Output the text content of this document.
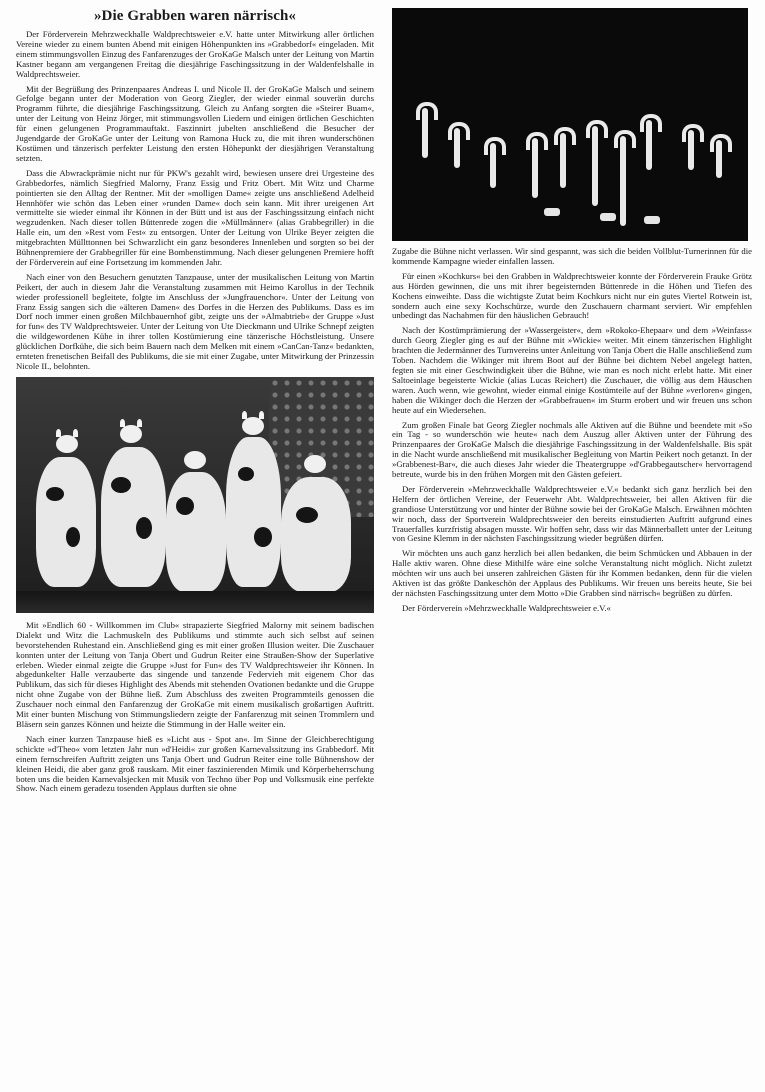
»Die Grabben waren närrisch«

Der Förderverein Mehrzweckhalle Waldprechtsweier e.V. hatte unter Mitwirkung aller örtlichen Vereine wieder zu einem bunten Abend mit einigen Höhenpunkten ins »Grabbedorf« eingeladen. Mit einem stimmungsvollen Einzug des Fanfarenzuges der GroKaGe Malsch unter der Leitung von Martin Kastner begann am vergangenen Freitag die diesjährige Faschingssitzung in der Waldenfelshalle in Waldprechtsweier.

Mit der Begrüßung des Prinzenpaares Andreas I. und Nicole II. der GroKaGe Malsch und seinem Gefolge begann unter der Moderation von Georg Ziegler, der wieder einmal souverän durchs Programm führte, die diesjährige Faschingssitzung. Gleich zu Anfang sorgten die »Steirer Buam«, unter der Leitung von Heinz Jörger, mit stimmungsvollen Liedern und einigen örtlichen Geschichten für einen gelungenen Programmauftakt. Faszinnirt jubelten anschließend die Besucher der Jugendgarde der GroKaGe unter der Leitung von Ramona Huck zu, die mit ihren wunderschönen Kostümen und tänzerisch perfekter Leistung den ersten Höhepunkt der diesjährigen Veranstaltung setzten.

Dass die Abwrackprämie nicht nur für PKW's gezahlt wird, bewiesen unsere drei Urgesteine des Grabbedorfes, nämlich Siegfried Malorny, Franz Essig und Fritz Obert. Mit Witz und Charme pointierten sie den Alltag der Rentner. Mit der »molligen Dame« zeigte uns anschließend Adelheid Hennhöfer wie schön das Leben einer »runden Dame« doch sein kann. Mit ihrer ureigenen Art vermittelte sie wieder einmal ihr Können in der Bütt und ist aus der Faschingssitzung einfach nicht wegzudenken. Nach dieser tollen Büttenrede zogen die »Müllmänner« (alias Grabbegriller) in die Halle ein, um den »Rest vom Fest« zu entsorgen. Unter der Leitung von Ulrike Beyer zeigten die mitgebrachten Müllttonnen bei Schwarzlicht ein ganz besonderes Innenleben und sorgten so bei der Bühnenpremiere der Grabbegriller für eine Bombenstimmung. Nach dieser gelungenen Premiere hofft der Förderverein auf eine Fortsetzung im kommenden Jahr.

Nach einer von den Besuchern genutzten Tanzpause, unter der musikalischen Leitung von Martin Peikert, der auch in diesem Jahr die Veranstaltung zusammen mit Heimo Karollus in der Technik wieder professionell begleitete, folgte im Anschluss der »Jungfrauenchor«. Unter der Leitung von Franz Essig sangen sich die »älteren Damen« des Dorfes in die Herzen des Publikums. Dass es im Dorf noch immer einen großen Milchbauernhof gibt, zeigte uns der »Almabtrieb« der Gruppe »Just for fun« des TV Waldprechtsweier. Unter der Leitung von Ute Dieckmann und Ulrike Schnepf zeigten die wildgewordenen Kühe in ihrer tollen Kostümierung eine tänzerische Höchstleistung. Unsere glücklichen Dorfkühe, die sich beim Bauern nach dem Melken mit einem »CanCan-Tanz« bedankten, ernteten frenetischen Beifall des Publikums, die sie mit einer Zugabe, unter Mitwirkung der Prinzessin Nicole II., belohnten.

Mit »Endlich 60 - Willkommen im Club« strapazierte Siegfried Malorny mit seinem badischen Dialekt und Witz die Lachmuskeln des Publikums und stimmte auch sich selbst auf seinen bevorstehenden Ruhestand ein. Anschließend ging es mit einer großen Illusion weiter. Die Zuschauer konnten unter der Leitung von Tanja Obert und Gudrun Reiter eine Straußen-Show der Superlative erleben. Wieder einmal zeigte die Gruppe »Just for Fun« des TV Waldprechtsweier ihr Können. In abgedunkelter Halle verzauberte das singende und tanzende Federvieh mit eigenem Chor das Publikum, das sich für dieses Highlight des Abends mit stehenden Ovationen bedankte und die Gruppe nicht ohne Zugabe von der Bühne ließ. Zum Abschluss des zweiten Programmteils genossen die Zuschauer noch einmal den Fanfarenzug der GroKaGe mit einem musikalisch großartigen Auftritt. Mit einer bunten Mischung von Stimmungsliedern zeigte der Fanfarenzug mit seinen Trommlern und Bläsern sein ganzes Können und heizte die Stimmung in der Halle weiter ein.

Nach einer kurzen Tanzpause hieß es »Licht aus - Spot an«. Im Sinne der Gleichberechtigung schickte »d'Theo« vom letzten Jahr nun »d'Heidi« zur großen Karnevalssitzung ins Grabbedorf. Mit einem fernschreifen Auftritt zeigten uns Tanja Obert und Gudrun Reiter eine tolle Bühnenshow der kleinen Heidi, die aber ganz groß rauskam. Mit einer faszinierenden Mimik und Körperbeherrschung boten uns die beiden Karnevalsjecken mit Musik von Techno über Pop und Volksmusik eine perfekte Show. Nach einem geradezu tosenden Applaus durften sie ohne

Zugabe die Bühne nicht verlassen. Wir sind gespannt, was sich die beiden Vollblut-Turnerinnen für die kommende Kampagne wieder einfallen lassen.

Für einen »Kochkurs« bei den Grabben in Waldprechtsweier konnte der Förderverein Frauke Grötz aus Hörden gewinnen, die uns mit ihrer begeisternden Büttenrede in die Höhen und Tiefen des Kochens einweihte. Dass die wichtigste Zutat beim Kochkurs nicht nur ein gutes Viertel Rotwein ist, sondern auch eine sexy Kochschürze, wurde den Zuschauern charmant serviert. Wir empfehlen unbedingt das Nachahmen für den häuslichen Gebrauch!

Nach der Kostümprämierung der »Wassergeister«, dem »Rokoko-Ehepaar« und dem »Weinfass« durch Georg Ziegler ging es auf der Bühne mit »Wickie« weiter. Mit einem tänzerischen Highlight brachten die Jedermänner des Turnvereins unter Anleitung von Tanja Obert die Halle anschließend zum Toben. Nachdem die Wikinger mit ihrem Boot auf der Bühne bei dichtem Nebel angelegt hatten, fegten sie mit einer Geschwindigkeit über die Bühne, wie man es noch nicht erlebt hatte. Mit einer Saltoeinlage begeisterte Wickie (alias Lucas Reichert) die Zuschauer, die völlig aus dem Häuschen waren. Auch wenn, wie gewohnt, wieder einmal einige Kostümteile auf der Bühne »verloren« gingen, haben die Wikinger doch die Herzen der »Grabbefrauen« im Sturm erobert und wir freuen uns schon heute auf ein Wiedersehen.

Zum großen Finale bat Georg Ziegler nochmals alle Aktiven auf die Bühne und beendete mit »So ein Tag - so wunderschön wie heute« nach dem Auszug aller Aktiven unter der Führung des Prinzenpaares der GroKaGe Malsch die diesjährige Faschingssitzung in der Waldenfelshalle. Bis spät in die Nacht wurde anschließend mit musikalischer Begleitung von Martin Peikert noch getanzt. In der »Grabbenest-Bar«, die auch dieses Jahr wieder die Theatergruppe »d'Grabbegautscher« hervorragend betreute, wurde bis in den frühen Morgen mit den Gästen gefeiert.

Der Förderverein »Mehrzweckhalle Waldprechtsweier e.V.« bedankt sich ganz herzlich bei den Helfern der örtlichen Vereine, der Feuerwehr Abt. Waldprechtsweier, bei allen Aktiven für die grandiose Unterstützung vor und hinter der Bühne sowie bei der GroKaGe Malsch. Erwähnen möchten wir noch, dass der Sportverein Waldprechtsweier den bereits einstudierten Auftritt aufgrund eines Trauerfalles kurzfristig absagen musste. Wir hoffen sehr, dass wir das Männerballett unter der Leitung von Gesine Klemm in der nächsten Faschingssitzung wieder begrüßen dürfen.

Wir möchten uns auch ganz herzlich bei allen bedanken, die beim Schmücken und Abbauen in der Halle aktiv waren. Ohne diese Mithilfe wäre eine solche Veranstaltung nicht möglich. Nicht zuletzt möchten wir uns auch bei unseren zahlreichen Gästen für ihr Kommen bedanken, denn für die vielen Aktiven ist das größte Dankeschön der Applaus des Publikums. Wir freuen uns bereits heute, Sie bei der nächsten Faschingssitzung unter dem Motto »Die Grabben sind närrisch« begrüßen zu dürfen.

Der Förderverein »Mehrzweckhalle Waldprechtsweier e.V.«
